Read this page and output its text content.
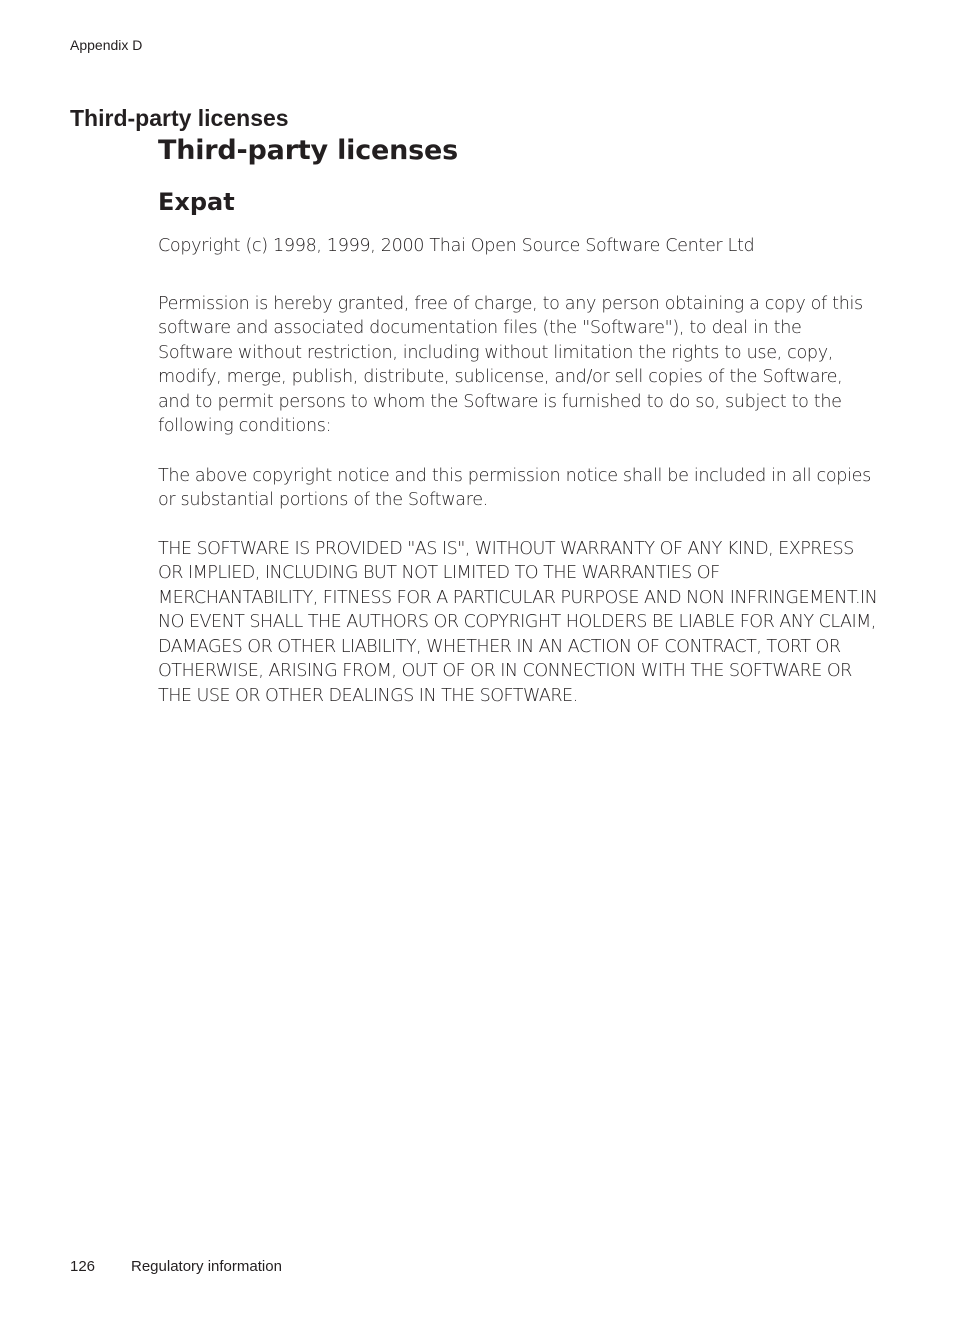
Appendix D
Third-party licenses
Third-party licenses
Expat

Copyright (c) 1998, 1999, 2000 Thai Open Source Software Center Ltd

Permission is hereby granted, free of charge, to any person obtaining a copy of this software and associated documentation files (the "Software"), to deal in the Software without restriction, including without limitation the rights to use, copy, modify, merge, publish, distribute, sublicense, and/or sell copies of the Software, and to permit persons to whom the Software is furnished to do so, subject to the following conditions:

The above copyright notice and this permission notice shall be included in all copies or substantial portions of the Software.

THE SOFTWARE IS PROVIDED "AS IS", WITHOUT WARRANTY OF ANY KIND, EXPRESS OR IMPLIED, INCLUDING BUT NOT LIMITED TO THE WARRANTIES OF MERCHANTABILITY, FITNESS FOR A PARTICULAR PURPOSE AND NON INFRINGEMENT.IN NO EVENT SHALL THE AUTHORS OR COPYRIGHT HOLDERS BE LIABLE FOR ANY CLAIM, DAMAGES OR OTHER LIABILITY, WHETHER IN AN ACTION OF CONTRACT, TORT OR OTHERWISE, ARISING FROM, OUT OF OR IN CONNECTION WITH THE SOFTWARE OR THE USE OR OTHER DEALINGS IN THE SOFTWARE.

126 Regulatory information
